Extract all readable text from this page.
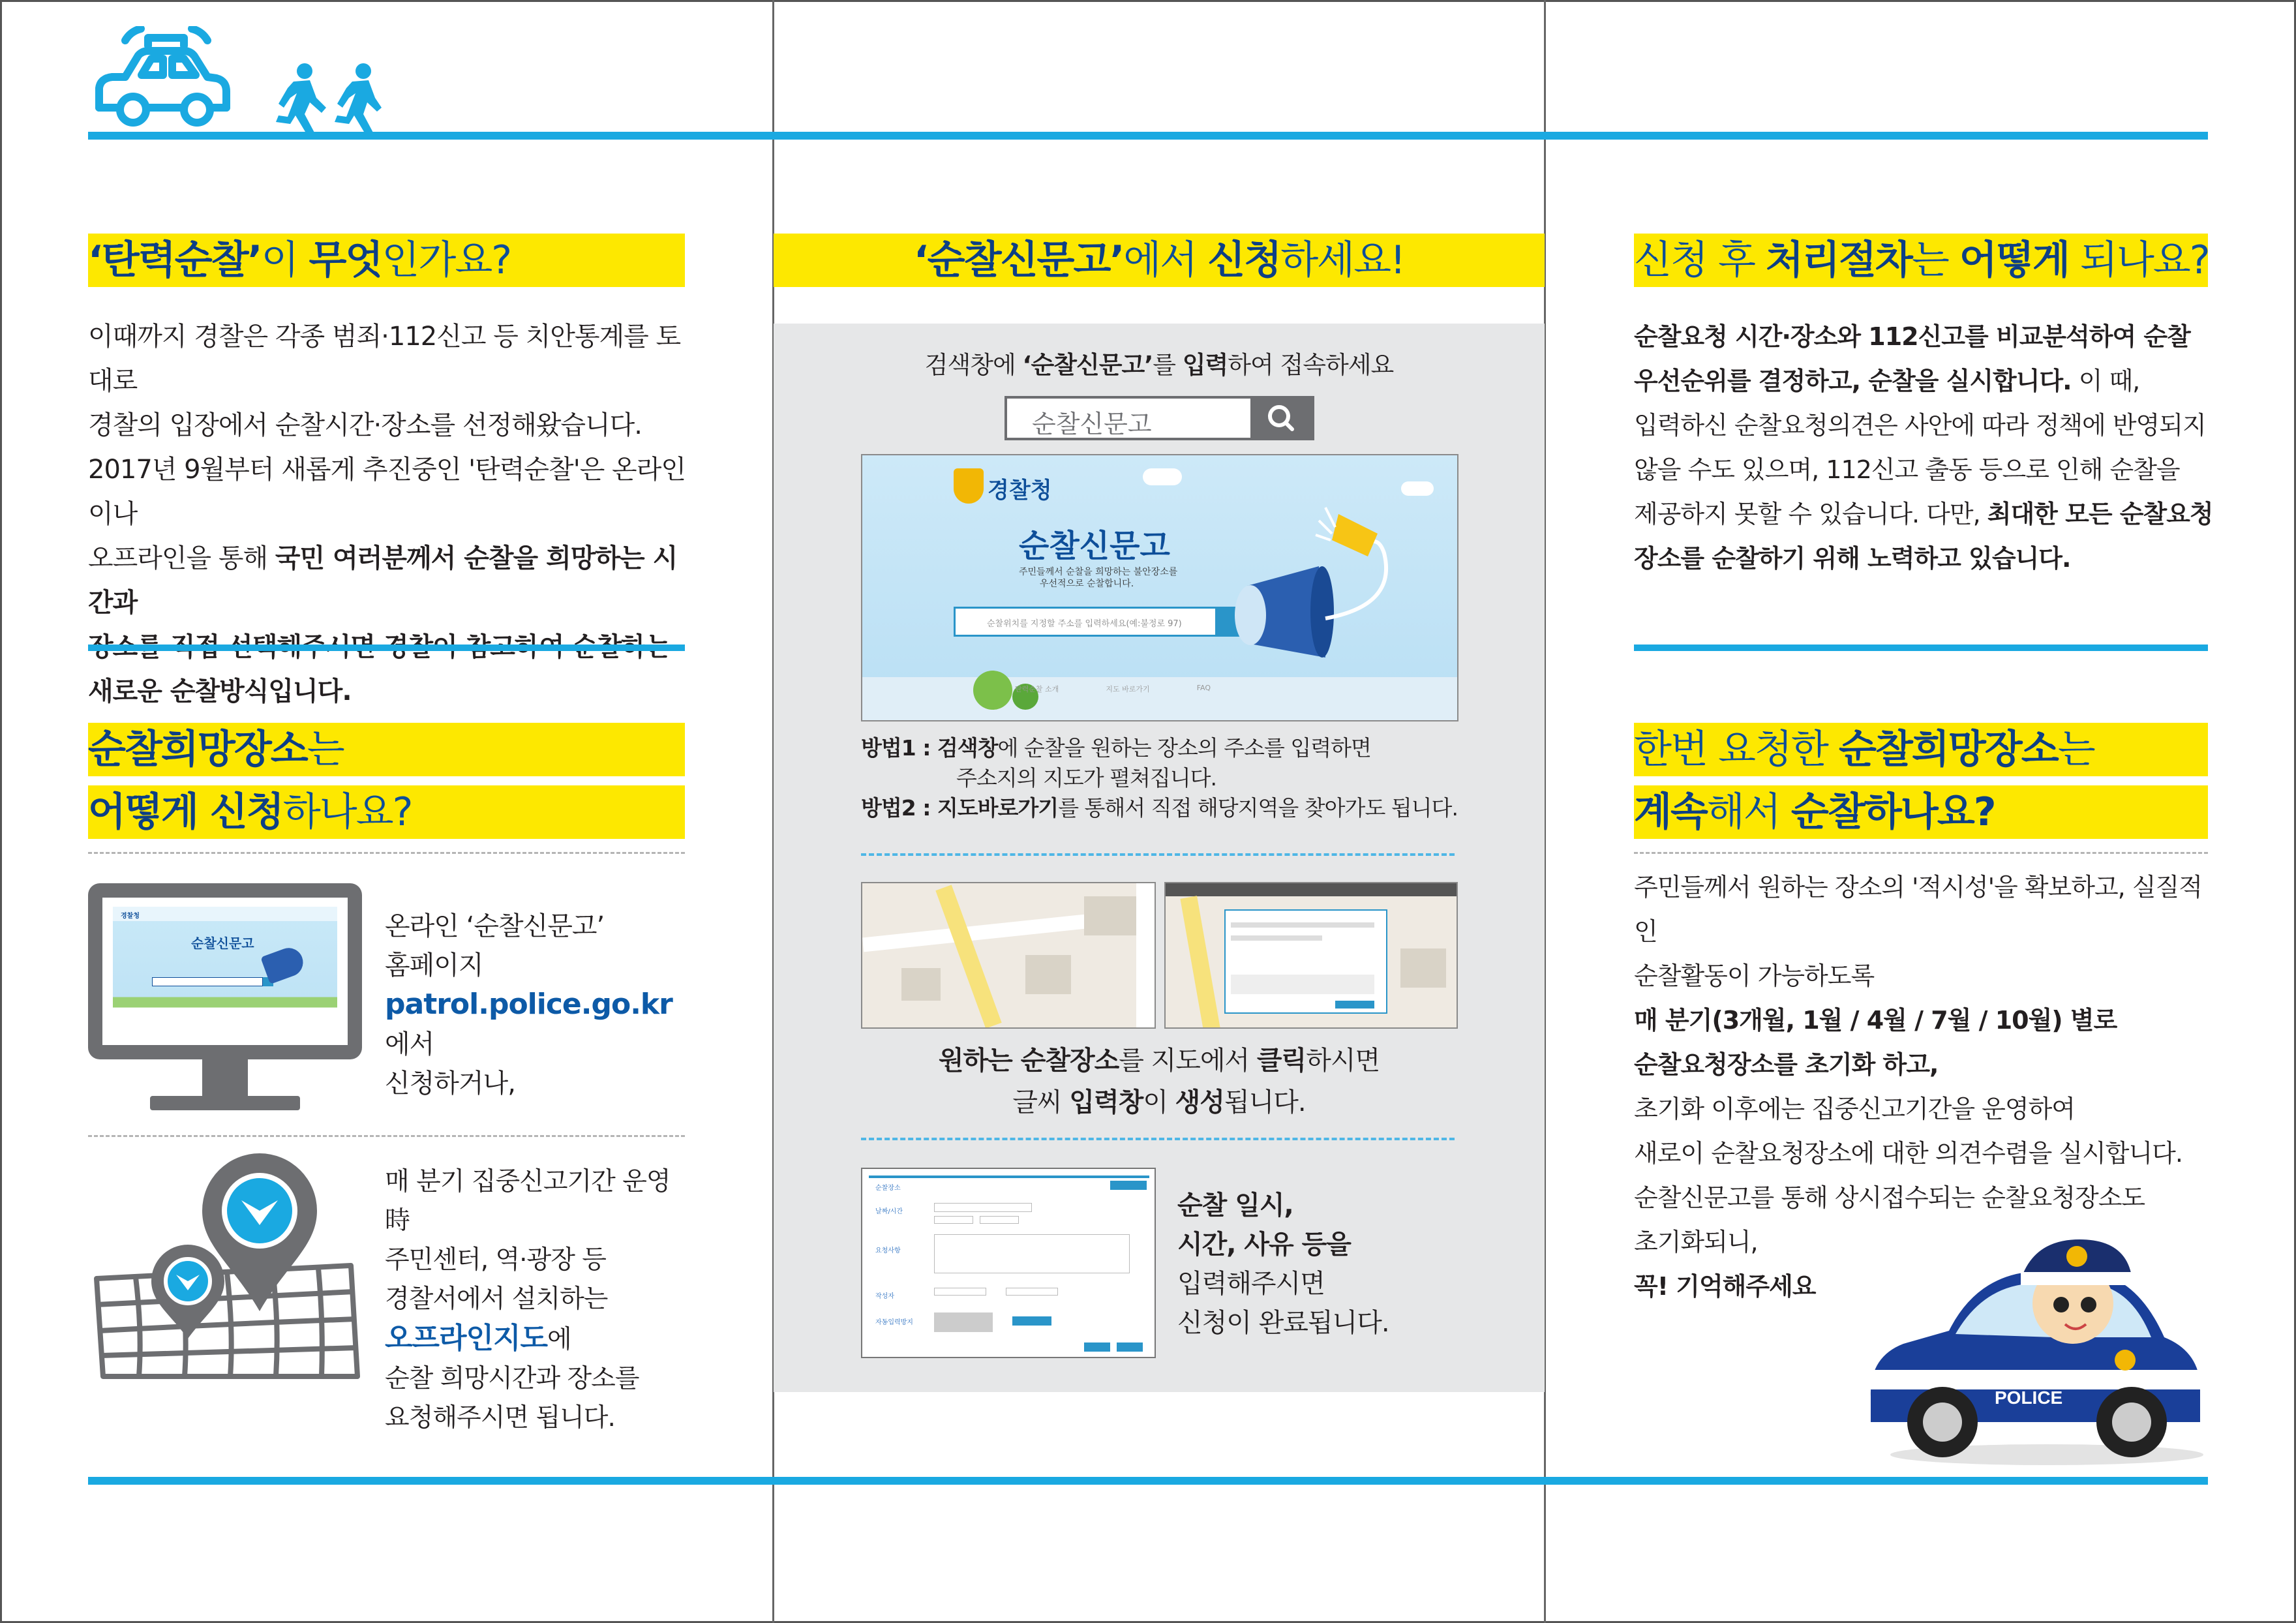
‘탄력순찰’이 무엇인가요?

이때까지 경찰은 각종 범죄·112신고 등 치안통계를 토대로

경찰의 입장에서 순찰시간·장소를 선정해왔습니다.

2017년 9월부터 새롭게 추진중인 '탄력순찰'은 온라인이나

오프라인을 통해 국민 여러분께서 순찰을 희망하는 시간과

새로운 순찰방식입니다.

순찰희망장소는
어떻게 신청하나요?
경찰청
순찰신문고

온라인 ‘순찰신문고’

홈페이지

patrol.police.go.kr 에서

신청하거나,

매 분기 집중신고기간 운영 時

주민센터, 역·광장 등

경찰서에서 설치하는

오프라인지도에

순찰 희망시간과 장소를

요청해주시면 됩니다.

‘순찰신문고’에서 신청하세요!
검색창에 ‘순찰신문고’를 입력하여 접속하세요
순찰신문고
경찰청
순찰신문고
주민들께서 순찰을 희망하는 불안장소를
우선적으로 순찰합니다.
순찰위치를 지정할 주소를 입력하세요(예:불정로 97)
탄력순찰 소개	지도 바로가기	FAQ

방법1 : 검색창에 순찰을 원하는 장소의 주소를 입력하면

주소지의 지도가 펼쳐집니다.

방법2 : 지도바로가기를 통해서 직접 해당지역을 찾아가도 됩니다.

원하는 순찰장소를 지도에서 클릭하시면

글씨 입력창이 생성됩니다.

순찰장소
날짜/시간
요청사항
작성자
자동입력방지

순찰 일시,

시간, 사유 등을

입력해주시면

신청이 완료됩니다.

신청 후 처리절차는 어떻게 되나요?

순찰요청 시간·장소와 112신고를 비교분석하여 순찰

우선순위를 결정하고, 순찰을 실시합니다. 이 때,

입력하신 순찰요청의견은 사안에 따라 정책에 반영되지

않을 수도 있으며, 112신고 출동 등으로 인해 순찰을

제공하지 못할 수 있습니다. 다만, 최대한 모든 순찰요청

장소를 순찰하기 위해 노력하고 있습니다.

한번 요청한 순찰희망장소는
계속해서 순찰하나요?

주민들께서 원하는 장소의 '적시성'을 확보하고, 실질적인

순찰활동이 가능하도록

매 분기(3개월, 1월 / 4월 / 7월 / 10월) 별로

순찰요청장소를 초기화 하고,

초기화 이후에는 집중신고기간을 운영하여

새로이 순찰요청장소에 대한 의견수렴을 실시합니다.

순찰신문고를 통해 상시접수되는 순찰요청장소도

초기화되니,

꼭! 기억해주세요

POLICE
